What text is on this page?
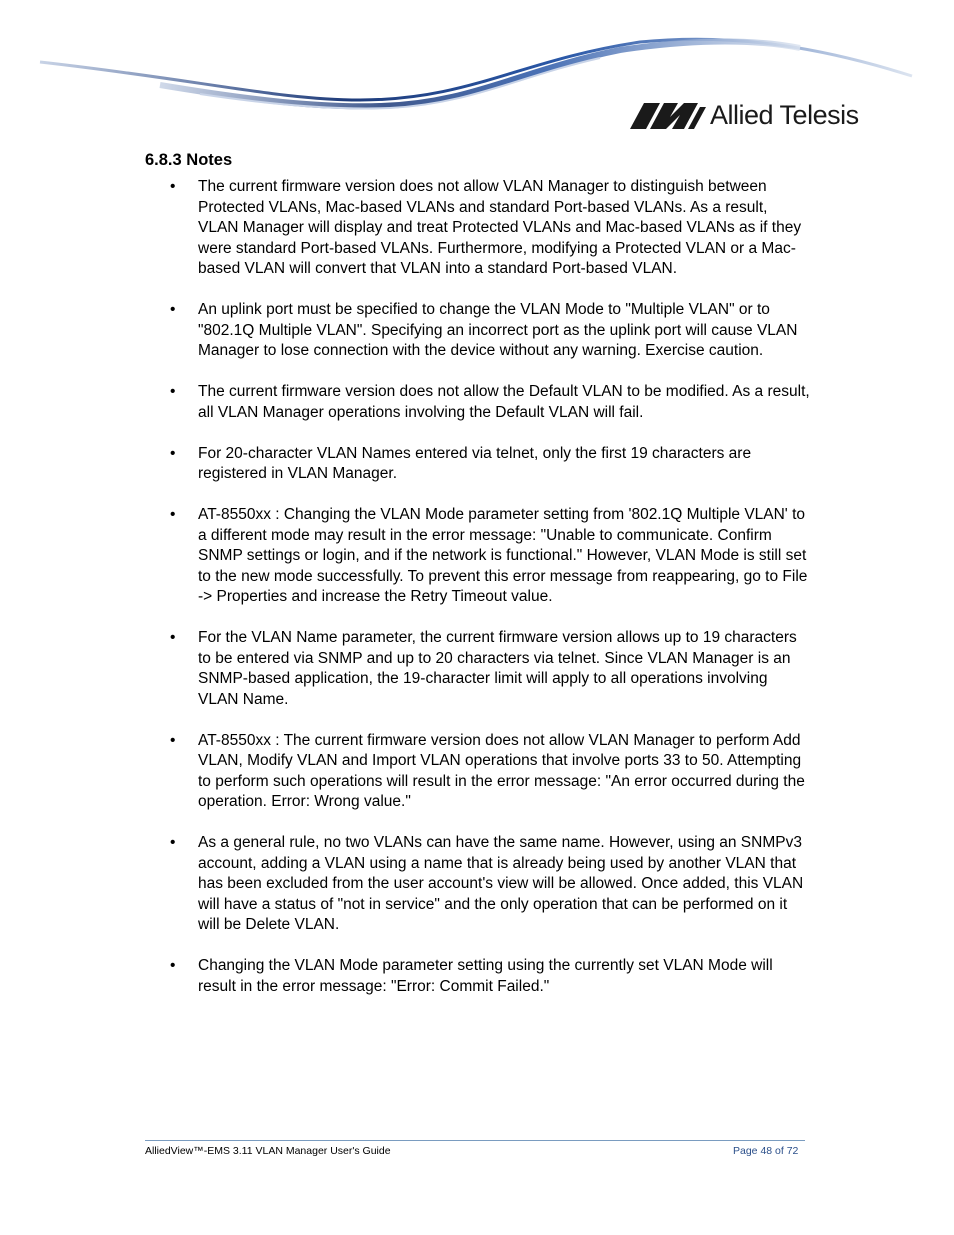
Allied Telesis
6.8.3 Notes
• The current firmware version does not allow VLAN Manager to distinguish between Protected VLANs, Mac-based VLANs and standard Port-based VLANs. As a result, VLAN Manager will display and treat Protected VLANs and Mac-based VLANs as if they were standard Port-based VLANs. Furthermore, modifying a Protected VLAN or a Mac-based VLAN will convert that VLAN into a standard Port-based VLAN.
• An uplink port must be specified to change the VLAN Mode to "Multiple VLAN" or to "802.1Q Multiple VLAN". Specifying an incorrect port as the uplink port will cause VLAN Manager to lose connection with the device without any warning. Exercise caution.
• The current firmware version does not allow the Default VLAN to be modified. As a result, all VLAN Manager operations involving the Default VLAN will fail.
• For 20-character VLAN Names entered via telnet, only the first 19 characters are registered in VLAN Manager.
• AT-8550xx : Changing the VLAN Mode parameter setting from '802.1Q Multiple VLAN' to a different mode may result in the error message: "Unable to communicate. Confirm SNMP settings or login, and if the network is functional." However, VLAN Mode is still set to the new mode successfully. To prevent this error message from reappearing, go to File -> Properties and increase the Retry Timeout value.
• For the VLAN Name parameter, the current firmware version allows up to 19 characters to be entered via SNMP and up to 20 characters via telnet. Since VLAN Manager is an SNMP-based application, the 19-character limit will apply to all operations involving VLAN Name.
• AT-8550xx : The current firmware version does not allow VLAN Manager to perform Add VLAN, Modify VLAN and Import VLAN operations that involve ports 33 to 50. Attempting to perform such operations will result in the error message: "An error occurred during the operation. Error: Wrong value."
• As a general rule, no two VLANs can have the same name. However, using an SNMPv3 account, adding a VLAN using a name that is already being used by another VLAN that has been excluded from the user account's view will be allowed. Once added, this VLAN will have a status of "not in service" and the only operation that can be performed on it will be Delete VLAN.
• Changing the VLAN Mode parameter setting using the currently set VLAN Mode will result in the error message: "Error: Commit Failed."
AlliedView™-EMS 3.11 VLAN Manager User's Guide	Page 48 of 72
